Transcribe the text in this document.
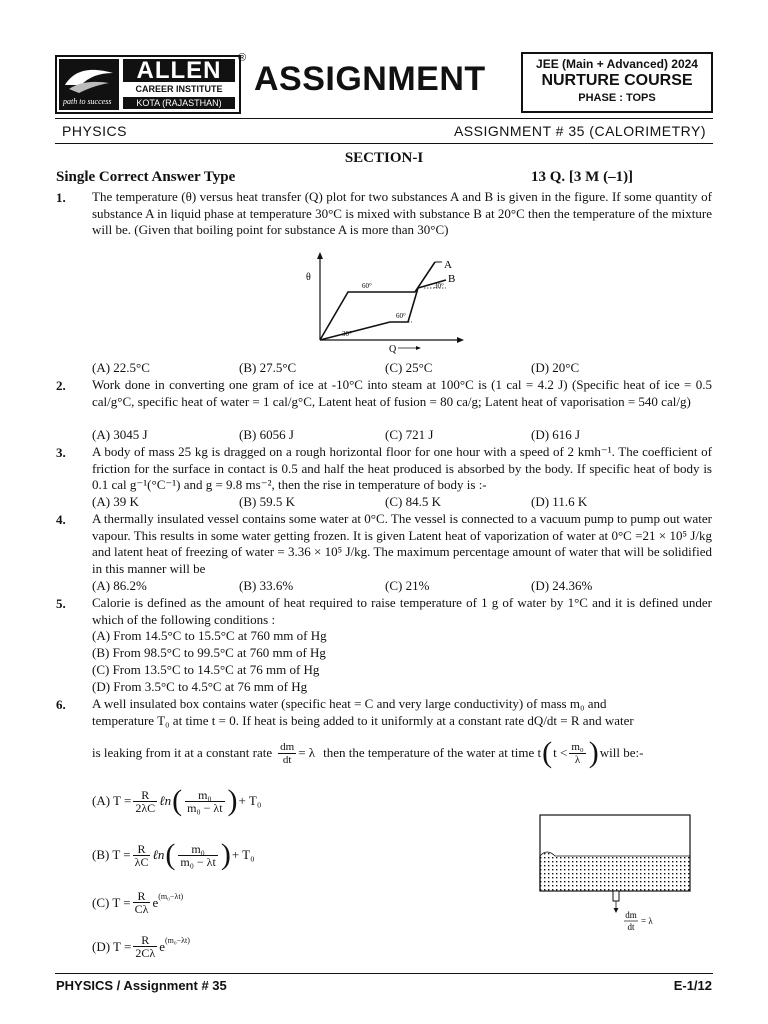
path to success
ALLEN
CAREER INSTITUTE
KOTA (RAJASTHAN)
®
ASSIGNMENT	JEE (Main + Advanced) 2024
NURTURE COURSE
PHASE : TOPS
PHYSICS	ASSIGNMENT # 35 (CALORIMETRY)
SECTION-I
Single Correct Answer Type	13 Q. [3 M (–1)]
1. The temperature (θ) versus heat transfer (Q) plot for two substances A and B is given in the figure. If some quantity of substance A in liquid phase at temperature 30°C is mixed with substance B at 20°C then the temperature of the mixture will be. (Given that boiling point for substance A is more than 30°C)
θ
Q
A
B
60°	30°
60°
30°
(A) 22.5°C	(B) 27.5°C	(C) 25°C	(D) 20°C
2. Work done in converting one gram of ice at -10°C into steam at 100°C is (1 cal = 4.2 J) (Specific heat of ice = 0.5 cal/g°C, specific heat of water = 1 cal/g°C, Latent heat of fusion = 80 ca/g; Latent heat of vaporisation = 540 cal/g)
(A) 3045 J	(B) 6056 J	(C) 721 J	(D) 616 J
3. A body of mass 25 kg is dragged on a rough horizontal floor for one hour with a speed of 2 kmh⁻¹. The coefficient of friction for the surface in contact is 0.5 and half the heat produced is absorbed by the body. If specific heat of body is 0.1 cal g⁻¹(°C⁻¹) and g = 9.8 ms⁻², then the rise in temperature of body is :-
(A) 39 K	(B) 59.5 K	(C) 84.5 K	(D) 11.6 K
4. A thermally insulated vessel contains some water at 0°C. The vessel is connected to a vacuum pump to pump out water vapour. This results in some water getting frozen. It is given Latent heat of vaporization of water at 0°C =21 × 10⁵ J/kg and latent heat of freezing of water = 3.36 × 10⁵ J/kg. The maximum percentage amount of water that will be solidified in this manner will be
(A) 86.2%	(B) 33.6%	(C) 21%	(D) 24.36%
5. Calorie is defined as the amount of heat required to raise temperature of 1 g of water by 1°C and it is defined under which of the following conditions :
(A) From 14.5°C to 15.5°C at 760 mm of Hg
(B) From 98.5°C to 99.5°C at 760 mm of Hg
(C) From 13.5°C to 14.5°C at 76 mm of Hg
(D) From 3.5°C to 4.5°C at 76 mm of Hg
6. A well insulated box contains water (specific heat = C and very large conductivity) of mass m₀ and
temperature T₀ at time t = 0. If heat is being added to it uniformly at a constant rate dQ/dt = R and water
is leaking from it at a constant rate $\frac{dm}{dt} = \lambda$ then the temperature of the water at time t ( $t < \frac{\text{m₀}}{\lambda}$ ) will be:-
(A) $T = \frac{R}{2\lambda C}$ ℓn ( $\frac{\text{m₀}}{\text{m₀ − λt}}$ ) + T₀
(B) $T = \frac{R}{\lambda C}$ ℓn ( $\frac{\text{m₀}}{\text{m₀ − λt}}$ ) + T₀
(C) $T = \frac{R}{C\lambda} e^{(m_0-\lambda t)}$
(D) $T = \frac{R}{2C\lambda} e^{(m_0-\lambda t)}$
dm
dt
= λ
PHYSICS / Assignment # 35	E-1/12
